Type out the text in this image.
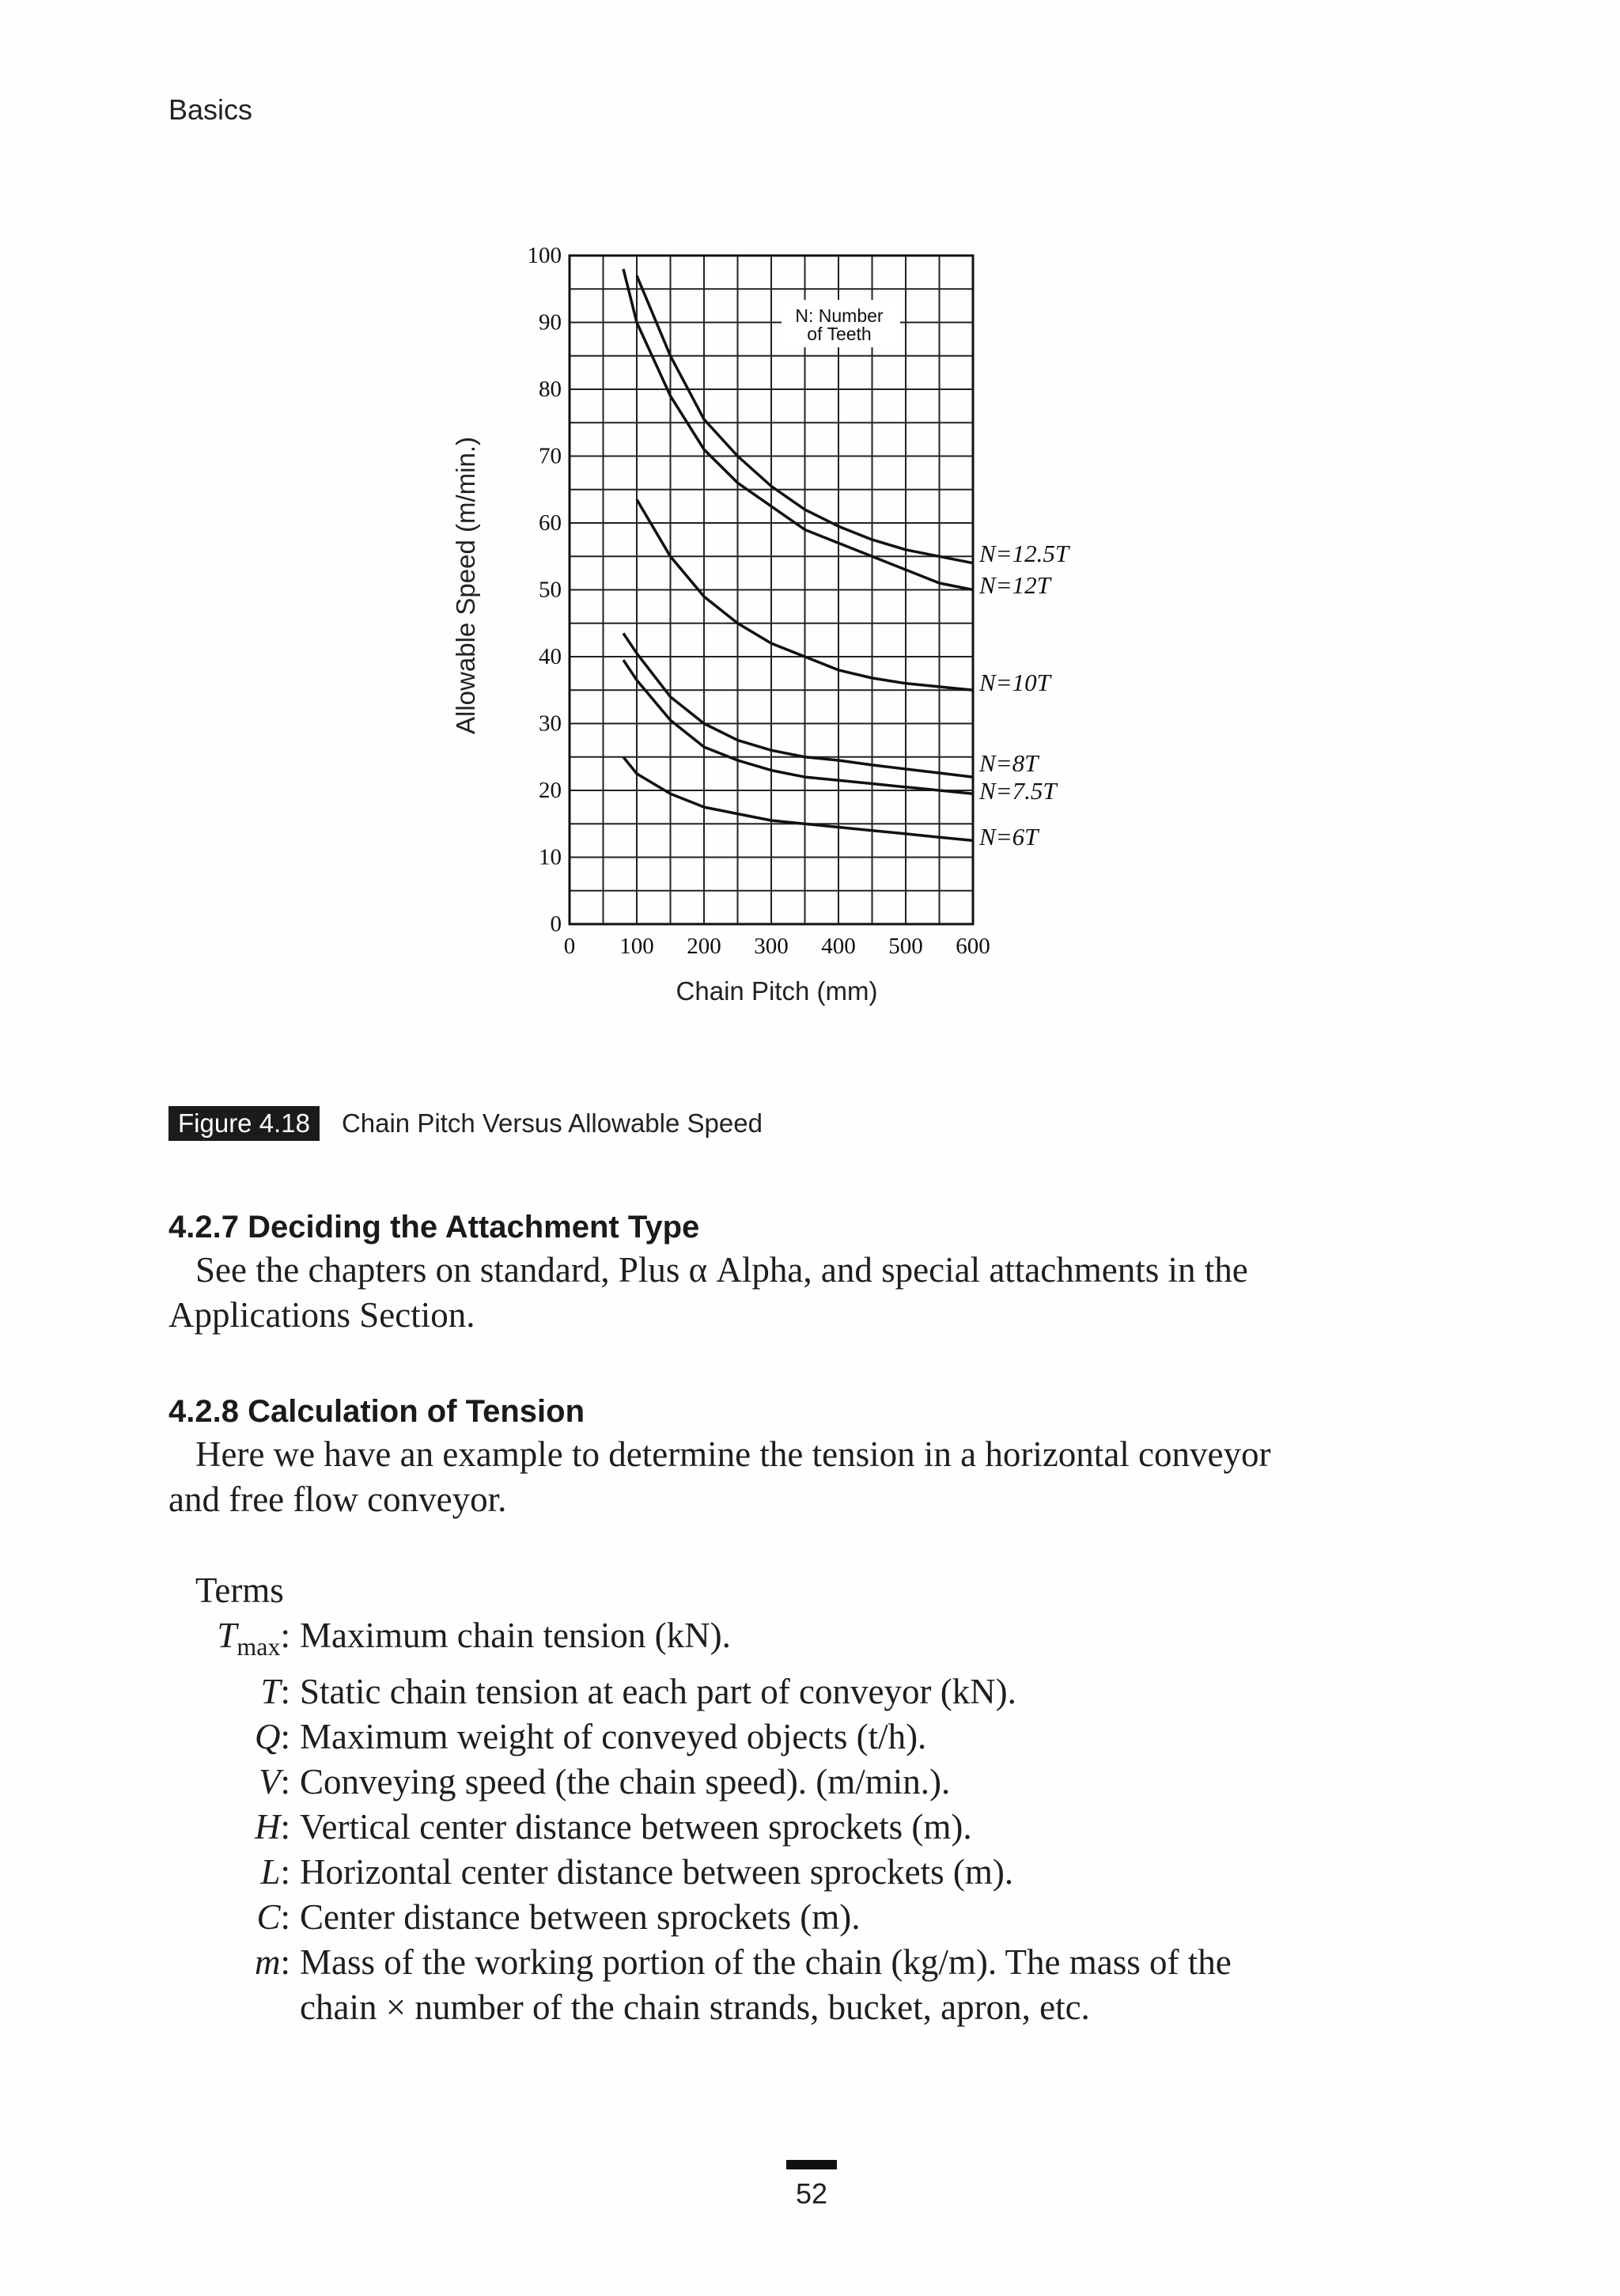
Basics
0
10
20
30
40
50
60
70
80
90
100
0 100 200 300 400 500 600
N=12.5T
N=12T
N=10T
N=8T
N=7.5T
N=6T
N: Number
of Teeth
Allowable Speed (m/min.)
Chain Pitch (mm)
Figure 4.18	Chain Pitch Versus Allowable Speed
4.2.7 Deciding the Attachment Type

See the chapters on standard, Plus α Alpha, and special attachments in the
Applications Section.

4.2.8 Calculation of Tension

Here we have an example to determine the tension in a horizontal conveyor
and free flow conveyor.

Terms
$T_{max}$: Maximum chain tension (kN).
T: Static chain tension at each part of conveyor (kN).
Q: Maximum weight of conveyed objects (t/h).
V: Conveying speed (the chain speed). (m/min.).
H: Vertical center distance between sprockets (m).
L: Horizontal center distance between sprockets (m).
C: Center distance between sprockets (m).
m: Mass of the working portion of the chain (kg/m). The mass of the
chain × number of the chain strands, bucket, apron, etc.
52
